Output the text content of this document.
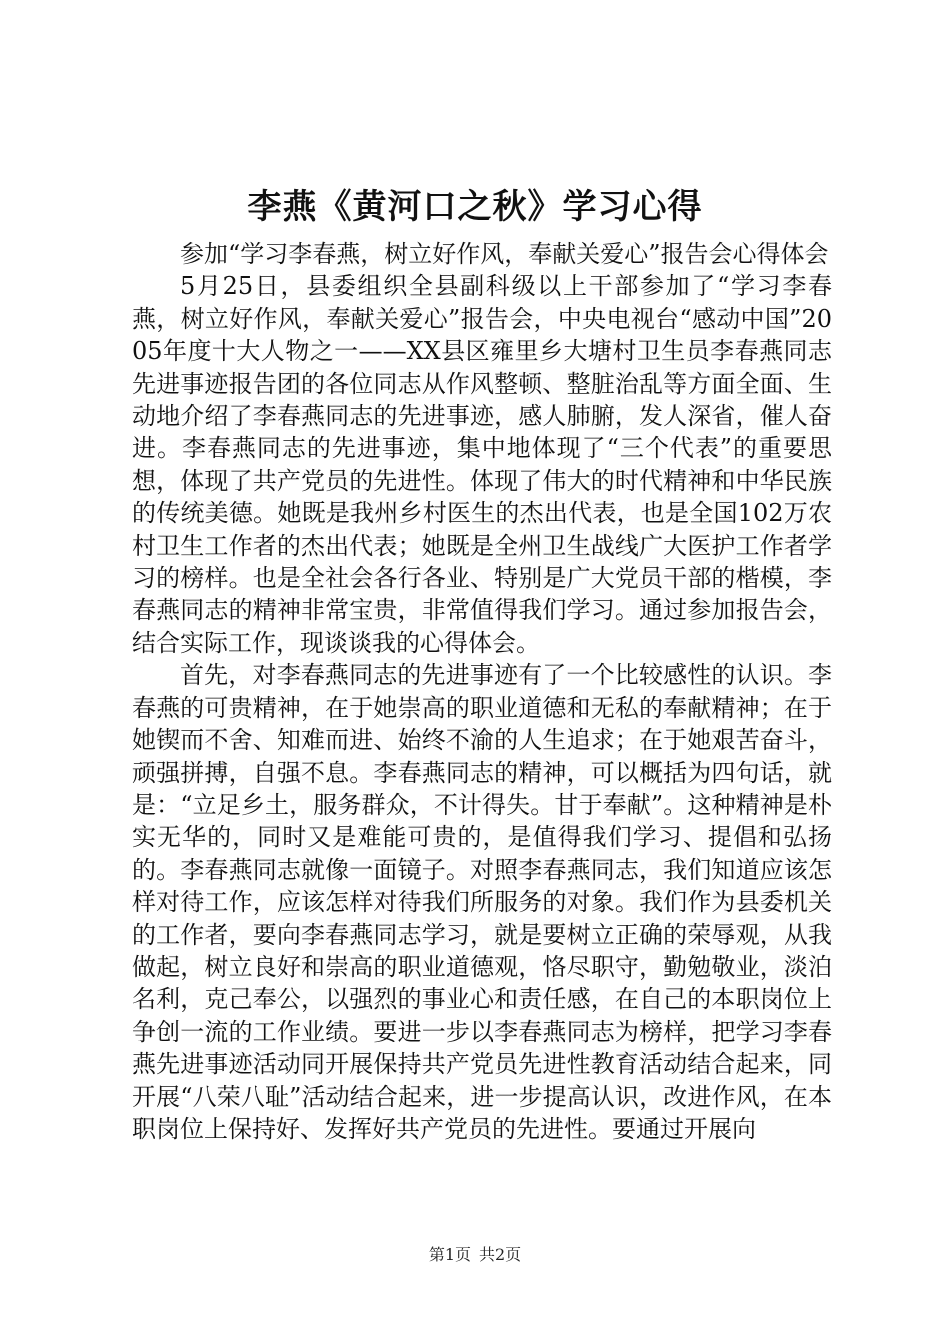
李燕《黄河口之秋》学习心得

参加“学习李春燕，树立好作风，奉献关爱心”报告会心得体会

5月25日，县委组织全县副科级以上干部参加了“学习李春燕，树立好作风，奉献关爱心”报告会，中央电视台“感动中国”2005年度十大人物之一——XX县区雍里乡大塘村卫生员李春燕同志先进事迹报告团的各位同志从作风整顿、整脏治乱等方面全面、生动地介绍了李春燕同志的先进事迹，感人肺腑，发人深省，催人奋进。李春燕同志的先进事迹，集中地体现了“三个代表”的重要思想，体现了共产党员的先进性。体现了伟大的时代精神和中华民族的传统美德。她既是我州乡村医生的杰出代表，也是全国102万农村卫生工作者的杰出代表；她既是全州卫生战线广大医护工作者学习的榜样。也是全社会各行各业、特别是广大党员干部的楷模，李春燕同志的精神非常宝贵，非常值得我们学习。通过参加报告会，结合实际工作，现谈谈我的心得体会。

首先，对李春燕同志的先进事迹有了一个比较感性的认识。李春燕的可贵精神，在于她崇高的职业道德和无私的奉献精神；在于她锲而不舍、知难而进、始终不渝的人生追求；在于她艰苦奋斗，顽强拼搏，自强不息。李春燕同志的精神，可以概括为四句话，就是：“立足乡土，服务群众，不计得失。甘于奉献”。这种精神是朴实无华的，同时又是难能可贵的，是值得我们学习、提倡和弘扬的。李春燕同志就像一面镜子。对照李春燕同志，我们知道应该怎样对待工作，应该怎样对待我们所服务的对象。我们作为县委机关的工作者，要向李春燕同志学习，就是要树立正确的荣辱观，从我做起，树立良好和崇高的职业道德观，恪尽职守，勤勉敬业，淡泊名利，克己奉公，以强烈的事业心和责任感，在自己的本职岗位上争创一流的工作业绩。要进一步以李春燕同志为榜样，把学习李春燕先进事迹活动同开展保持共产党员先进性教育活动结合起来，同开展“八荣八耻”活动结合起来，进一步提高认识，改进作风，在本职岗位上保持好、发挥好共产党员的先进性。要通过开展向

第1页 共2页
